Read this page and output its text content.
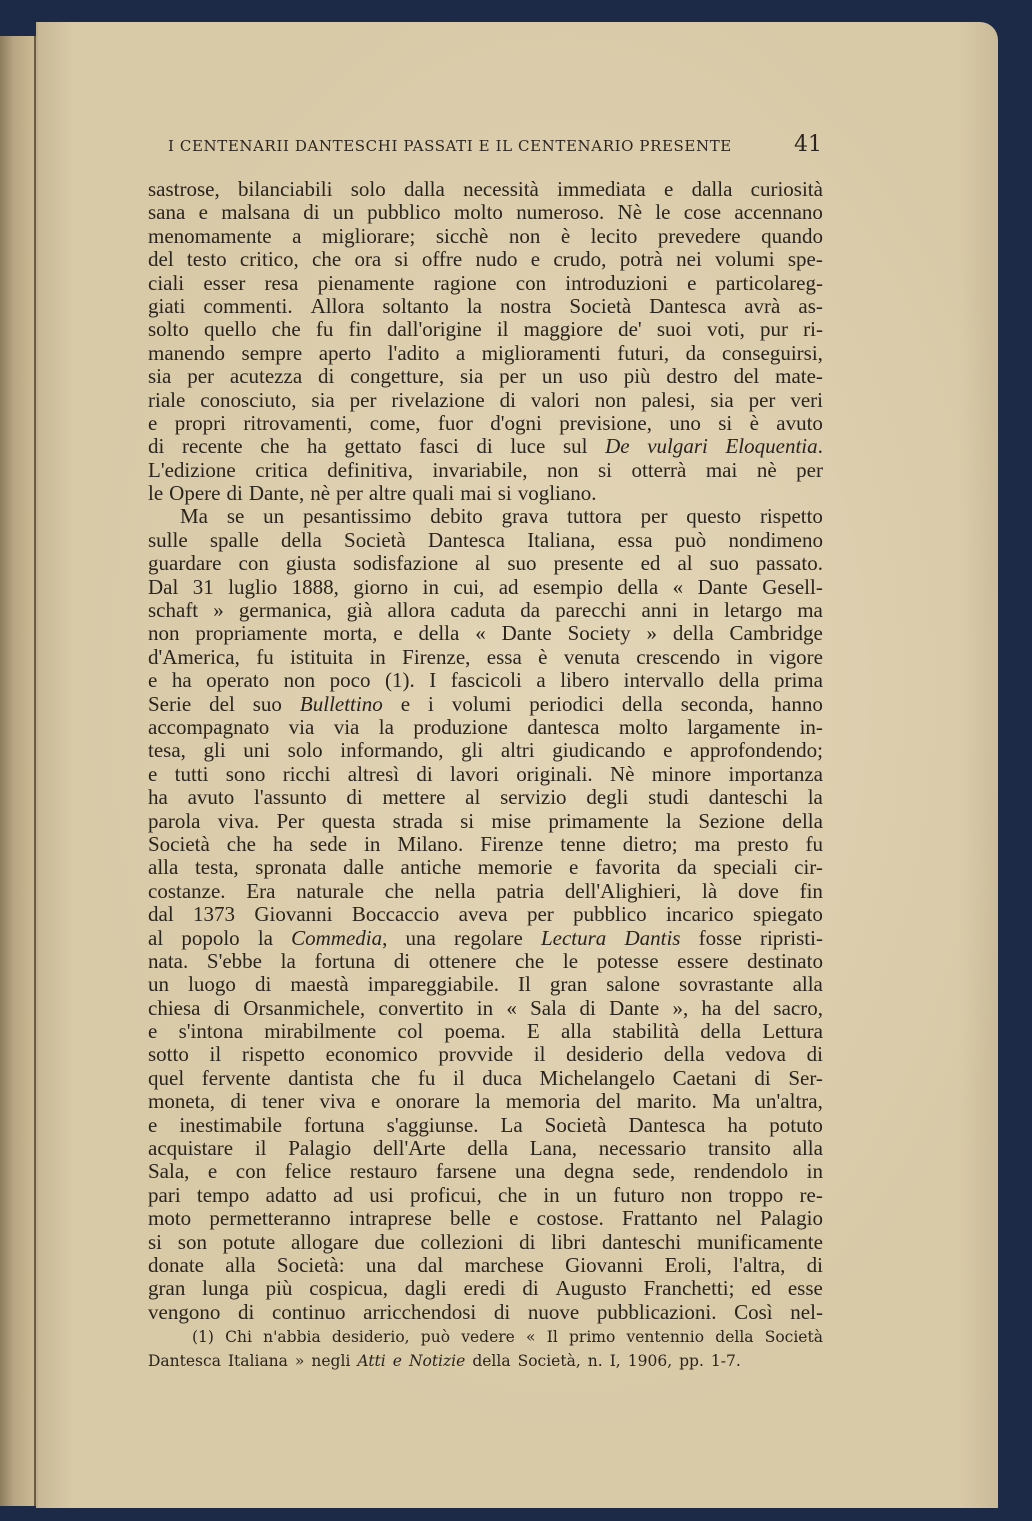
I CENTENARII DANTESCHI PASSATI E IL CENTENARIO PRESENTE	41
sastrose, bilanciabili solo dalla necessità immediata e dalla curiosità
sana e malsana di un pubblico molto numeroso. Nè le cose accennano
menomamente a migliorare; sicchè non è lecito prevedere quando
del testo critico, che ora si offre nudo e crudo, potrà nei volumi spe-
ciali esser resa pienamente ragione con introduzioni e particolareg-
giati commenti. Allora soltanto la nostra Società Dantesca avrà as-
solto quello che fu fin dall'origine il maggiore de' suoi voti, pur ri-
manendo sempre aperto l'adito a miglioramenti futuri, da conseguirsi,
sia per acutezza di congetture, sia per un uso più destro del mate-
riale conosciuto, sia per rivelazione di valori non palesi, sia per veri
e propri ritrovamenti, come, fuor d'ogni previsione, uno si è avuto
di recente che ha gettato fasci di luce sul De vulgari Eloquentia.
L'edizione critica definitiva, invariabile, non si otterrà mai nè per
le Opere di Dante, nè per altre quali mai si vogliano.
Ma se un pesantissimo debito grava tuttora per questo rispetto
sulle spalle della Società Dantesca Italiana, essa può nondimeno
guardare con giusta sodisfazione al suo presente ed al suo passato.
Dal 31 luglio 1888, giorno in cui, ad esempio della « Dante Gesell-
schaft » germanica, già allora caduta da parecchi anni in letargo ma
non propriamente morta, e della « Dante Society » della Cambridge
d'America, fu istituita in Firenze, essa è venuta crescendo in vigore
e ha operato non poco (1). I fascicoli a libero intervallo della prima
Serie del suo Bullettino e i volumi periodici della seconda, hanno
accompagnato via via la produzione dantesca molto largamente in-
tesa, gli uni solo informando, gli altri giudicando e approfondendo;
e tutti sono ricchi altresì di lavori originali. Nè minore importanza
ha avuto l'assunto di mettere al servizio degli studi danteschi la
parola viva. Per questa strada si mise primamente la Sezione della
Società che ha sede in Milano. Firenze tenne dietro; ma presto fu
alla testa, spronata dalle antiche memorie e favorita da speciali cir-
costanze. Era naturale che nella patria dell'Alighieri, là dove fin
dal 1373 Giovanni Boccaccio aveva per pubblico incarico spiegato
al popolo la Commedia, una regolare Lectura Dantis fosse ripristi-
nata. S'ebbe la fortuna di ottenere che le potesse essere destinato
un luogo di maestà impareggiabile. Il gran salone sovrastante alla
chiesa di Orsanmichele, convertito in « Sala di Dante », ha del sacro,
e s'intona mirabilmente col poema. E alla stabilità della Lettura
sotto il rispetto economico provvide il desiderio della vedova di
quel fervente dantista che fu il duca Michelangelo Caetani di Ser-
moneta, di tener viva e onorare la memoria del marito. Ma un'altra,
e inestimabile fortuna s'aggiunse. La Società Dantesca ha potuto
acquistare il Palagio dell'Arte della Lana, necessario transito alla
Sala, e con felice restauro farsene una degna sede, rendendolo in
pari tempo adatto ad usi proficui, che in un futuro non troppo re-
moto permetteranno intraprese belle e costose. Frattanto nel Palagio
si son potute allogare due collezioni di libri danteschi munificamente
donate alla Società: una dal marchese Giovanni Eroli, l'altra, di
gran lunga più cospicua, dagli eredi di Augusto Franchetti; ed esse
vengono di continuo arricchendosi di nuove pubblicazioni. Così nel-
(1) Chi n'abbia desiderio, può vedere « Il primo ventennio della Società
Dantesca Italiana » negli Atti e Notizie della Società, n. I, 1906, pp. 1-7.
